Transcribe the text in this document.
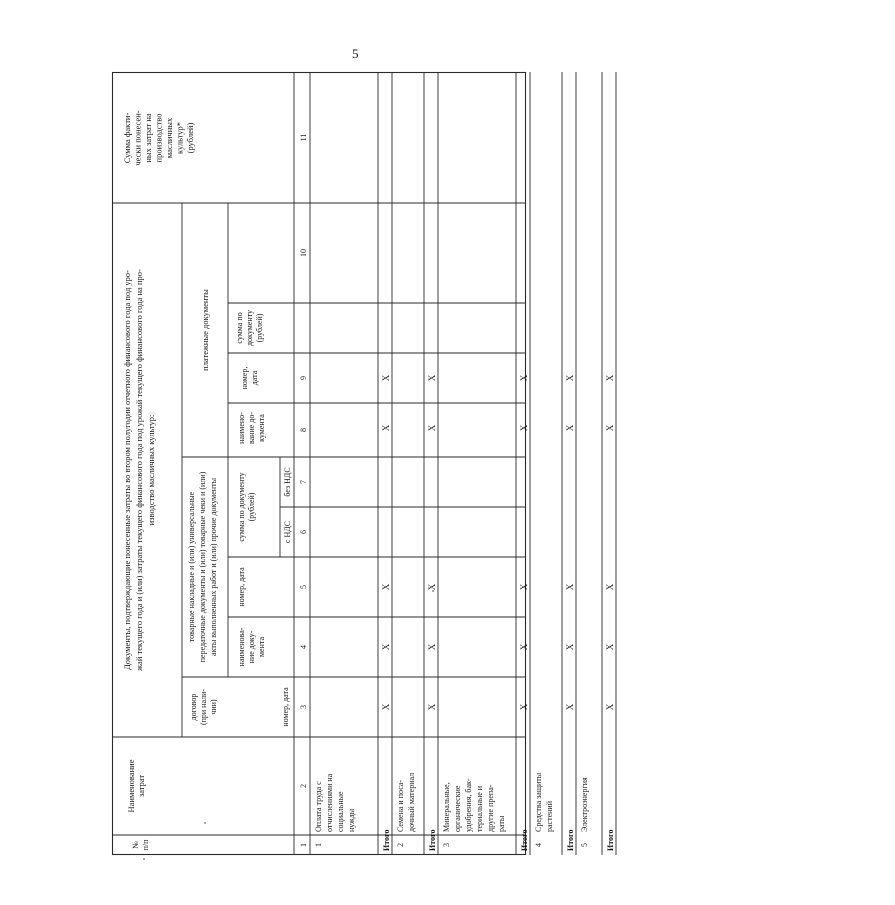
5
№ п/п
Наименование затрат
Документы, подтверждающие понесенные затраты во втором полугодии отчетного финансового года под уро- жай текущего года и (или) затраты текущего финансового года под урожай текущего финансового года на про- изводство масличных культур:
договор (при нали- чии)	номер, дата
товарные накладные и (или) универсальные передаточные документы и (или) товарные чеки и (или) акты выполненных работ и (или) прочие документы наименова- ние доку- мента
номер, дата
сумма по документу (рублей)
с НДС
без НДС
платежные документы
наимено- вание до- кумента
номер, дата
сумма по документу (рублей)
Сумма факти- чески понесен- ных затрат на производство масличных культур* (рублей)
1
2
3
4
5
6
7
8
9
10
11
1
Оплата труда с отчислениями на социальные нужды
Итого
Х
Х
Х
Х
Х
2
Семена и поса- дочный материал
Итого
Х
Х
Х
Х
Х
3
Минеральные, органические удобрения, бак- териальные и другие препа- раты
Итого
Х
Х
Х
Х
Х
4
Средства защиты растений
Итого
Х
Х
Х
Х
Х
5
Электроэнергия
Итого
Х
Х
Х
Х
Х
